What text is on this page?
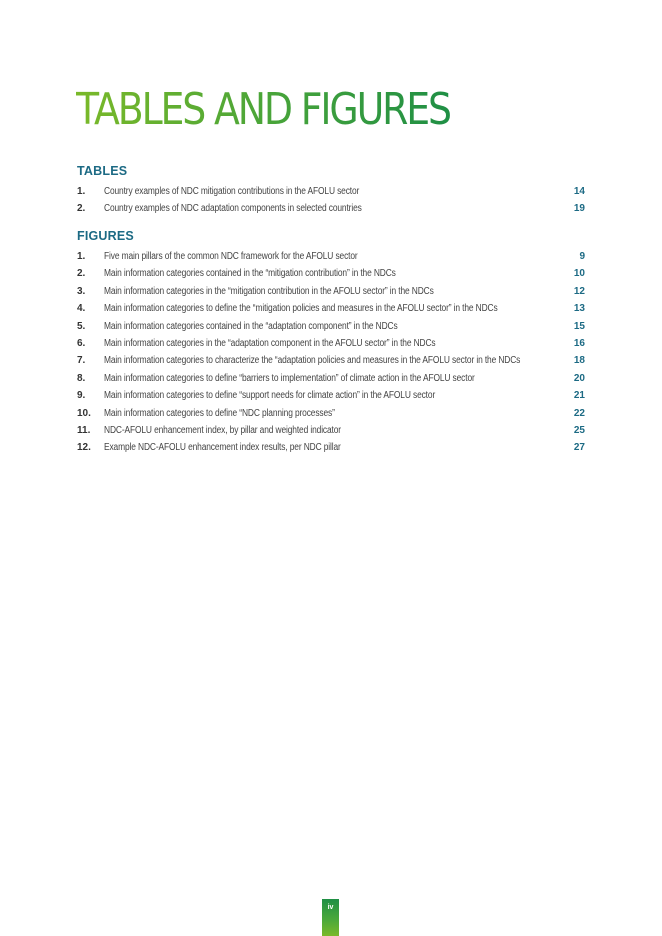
TABLES AND FIGURES
TABLES
1. Country examples of NDC mitigation contributions in the AFOLU sector	14
2. Country examples of NDC adaptation components in selected countries	19
FIGURES
1. Five main pillars of the common NDC framework for the AFOLU sector	9
2. Main information categories contained in the “mitigation contribution” in the NDCs	10
3. Main information categories in the “mitigation contribution in the AFOLU sector” in the NDCs	12
4. Main information categories to define the “mitigation policies and measures in the AFOLU sector” in the NDCs	13
5. Main information categories contained in the “adaptation component” in the NDCs	15
6. Main information categories in the “adaptation component in the AFOLU sector” in the NDCs	16
7. Main information categories to characterize the “adaptation policies and measures in the AFOLU sector in the NDCs	18
8. Main information categories to define “barriers to implementation” of climate action in the AFOLU sector	20
9. Main information categories to define “support needs for climate action” in the AFOLU sector	21
10. Main information categories to define “NDC planning processes”	22
11. NDC-AFOLU enhancement index, by pillar and weighted indicator	25
12. Example NDC-AFOLU enhancement index results, per NDC pillar	27
iv
